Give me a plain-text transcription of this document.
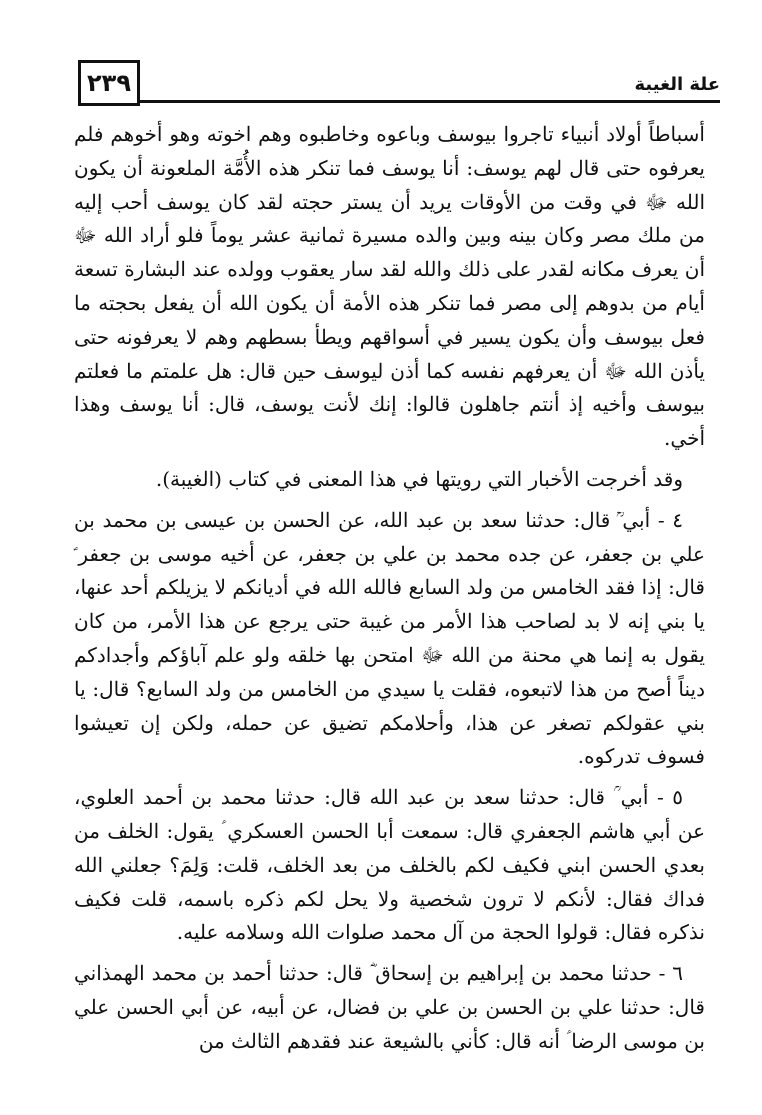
٢٣٩	علة الغيبة

أسباطاً أولاد أنبياء تاجروا بيوسف وباعوه وخاطبوه وهم اخوته وهو أخوهم فلم يعرفوه حتى قال لهم يوسف: أنا يوسف فما تنكر هذه الأُمَّة الملعونة أن يكون الله ﷻ في وقت من الأوقات يريد أن يستر حجته لقد كان يوسف أحب إليه من ملك مصر وكان بينه وبين والده مسيرة ثمانية عشر يوماً فلو أراد الله ﷻ أن يعرف مكانه لقدر على ذلك والله لقد سار يعقوب وولده عند البشارة تسعة أيام من بدوهم إلى مصر فما تنكر هذه الأمة أن يكون الله أن يفعل بحجته ما فعل بيوسف وأن يكون يسير في أسواقهم ويطأ بسطهم وهم لا يعرفونه حتى يأذن الله ﷻ أن يعرفهم نفسه كما أذن ليوسف حين قال: هل علمتم ما فعلتم بيوسف وأخيه إذ أنتم جاهلون قالوا: إنك لأنت يوسف، قال: أنا يوسف وهذا أخي.

وقد أخرجت الأخبار التي رويتها في هذا المعنى في كتاب (الغيبة).

٤ - أبي ؒ قال: حدثنا سعد بن عبد الله، عن الحسن بن عيسى بن محمد بن علي بن جعفر، عن جده محمد بن علي بن جعفر، عن أخيه موسى بن جعفر ؑ قال: إذا فقد الخامس من ولد السابع فالله الله في أديانكم لا يزيلكم أحد عنها، يا بني إنه لا بد لصاحب هذا الأمر من غيبة حتى يرجع عن هذا الأمر، من كان يقول به إنما هي محنة من الله ﷻ امتحن بها خلقه ولو علم آباؤكم وأجدادكم ديناً أصح من هذا لاتبعوه، فقلت يا سيدي من الخامس من ولد السابع؟ قال: يا بني عقولكم تصغر عن هذا، وأحلامكم تضيق عن حمله، ولكن إن تعيشوا فسوف تدركوه.

٥ - أبي ؒ قال: حدثنا سعد بن عبد الله قال: حدثنا محمد بن أحمد العلوي، عن أبي هاشم الجعفري قال: سمعت أبا الحسن العسكري ؑ يقول: الخلف من بعدي الحسن ابني فكيف لكم بالخلف من بعد الخلف، قلت: وَلِمَ؟ جعلني الله فداك فقال: لأنكم لا ترون شخصية ولا يحل لكم ذكره باسمه، قلت فكيف نذكره فقال: قولوا الحجة من آل محمد صلوات الله وسلامه عليه.

٦ - حدثنا محمد بن إبراهيم بن إسحاق ؓ قال: حدثنا أحمد بن محمد الهمذاني قال: حدثنا علي بن الحسن بن علي بن فضال، عن أبيه، عن أبي الحسن علي بن موسى الرضا ؑ أنه قال: كأني بالشيعة عند فقدهم الثالث من
